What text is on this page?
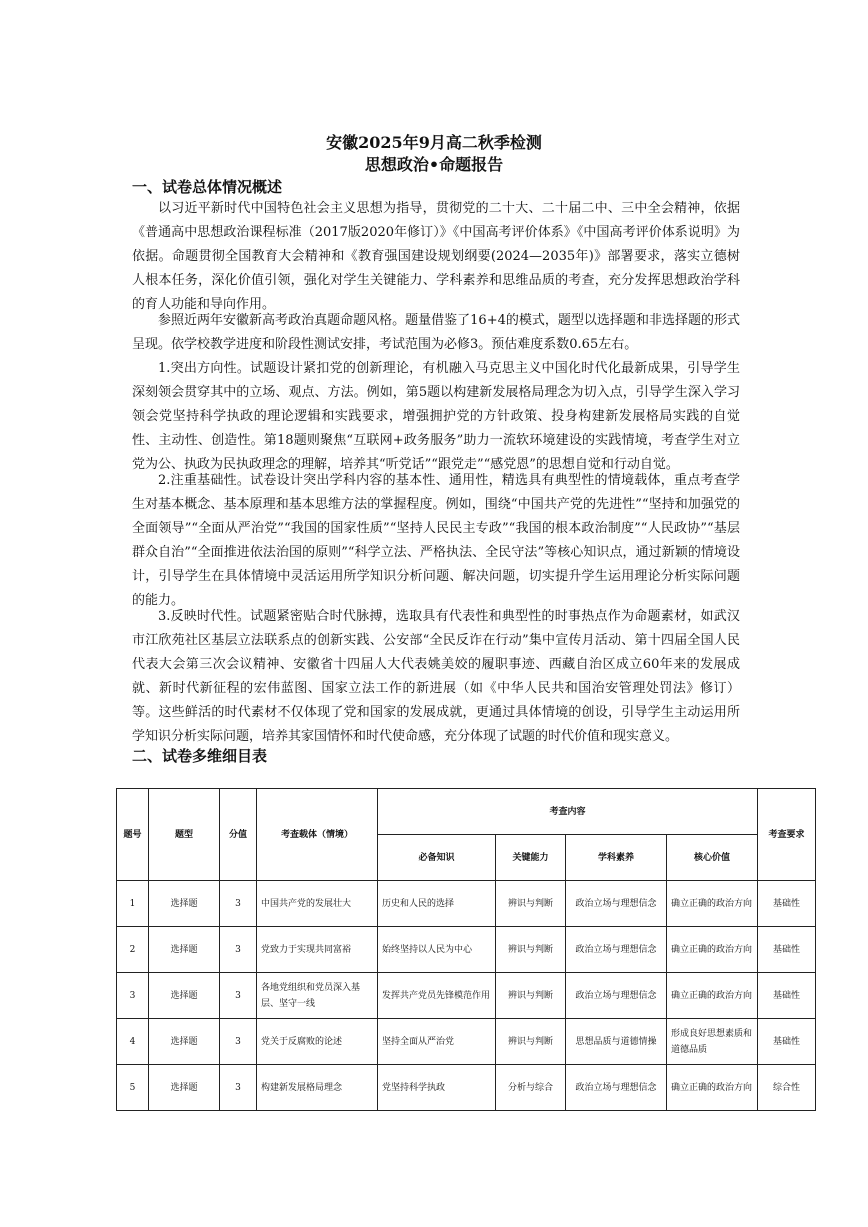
安徽2025年9月高二秋季检测
思想政治•命题报告
一、试卷总体情况概述

以习近平新时代中国特色社会主义思想为指导，贯彻党的二十大、二十届二中、三中全会精神，依据《普通高中思想政治课程标准（2017版2020年修订）》《中国高考评价体系》《中国高考评价体系说明》为依据。命题贯彻全国教育大会精神和《教育强国建设规划纲要(2024—2035年)》部署要求，落实立德树人根本任务，深化价值引领，强化对学生关键能力、学科素养和思维品质的考查，充分发挥思想政治学科的育人功能和导向作用。

参照近两年安徽新高考政治真题命题风格。题量借鉴了16+4的模式，题型以选择题和非选择题的形式呈现。依学校教学进度和阶段性测试安排，考试范围为必修3。预估难度系数0.65左右。

1.突出方向性。试题设计紧扣党的创新理论，有机融入马克思主义中国化时代化最新成果，引导学生深刻领会贯穿其中的立场、观点、方法。例如，第5题以构建新发展格局理念为切入点，引导学生深入学习领会党坚持科学执政的理论逻辑和实践要求，增强拥护党的方针政策、投身构建新发展格局实践的自觉性、主动性、创造性。第18题则聚焦“互联网+政务服务”助力一流软环境建设的实践情境，考查学生对立党为公、执政为民执政理念的理解，培养其“听党话”“跟党走”“感党恩”的思想自觉和行动自觉。

2.注重基础性。试卷设计突出学科内容的基本性、通用性，精选具有典型性的情境载体，重点考查学生对基本概念、基本原理和基本思维方法的掌握程度。例如，围绕“中国共产党的先进性”“坚持和加强党的全面领导”“全面从严治党”“我国的国家性质”“坚持人民民主专政”“我国的根本政治制度”“人民政协”“基层群众自治”“全面推进依法治国的原则”“科学立法、严格执法、全民守法”等核心知识点，通过新颖的情境设计，引导学生在具体情境中灵活运用所学知识分析问题、解决问题，切实提升学生运用理论分析实际问题的能力。

3.反映时代性。试题紧密贴合时代脉搏，选取具有代表性和典型性的时事热点作为命题素材，如武汉市江欣苑社区基层立法联系点的创新实践、公安部“全民反诈在行动”集中宣传月活动、第十四届全国人民代表大会第三次会议精神、安徽省十四届人大代表姚美姣的履职事迹、西藏自治区成立60年来的发展成就、新时代新征程的宏伟蓝图、国家立法工作的新进展（如《中华人民共和国治安管理处罚法》修订）等。这些鲜活的时代素材不仅体现了党和国家的发展成就，更通过具体情境的创设，引导学生主动运用所学知识分析实际问题，培养其家国情怀和时代使命感，充分体现了试题的时代价值和现实意义。

二、试卷多维细目表
题号	题型	分值	考查载体（情境）	考查内容				考查要求
				必备知识	关键能力	学科素养	核心价值	
1	选择题	3	中国共产党的发展壮大	历史和人民的选择	辨识与判断	政治立场与理想信念	确立正确的政治方向	基础性
2	选择题	3	党致力于实现共同富裕	始终坚持以人民为中心	辨识与判断	政治立场与理想信念	确立正确的政治方向	基础性
3	选择题	3	各地党组织和党员深入基层、坚守一线	发挥共产党员先锋模范作用	辨识与判断	政治立场与理想信念	确立正确的政治方向	基础性
4	选择题	3	党关于反腐败的论述	坚持全面从严治党	辨识与判断	思想品质与道德情操	形成良好思想素质和道德品质	基础性
5	选择题	3	构建新发展格局理念	党坚持科学执政	分析与综合	政治立场与理想信念	确立正确的政治方向	综合性
